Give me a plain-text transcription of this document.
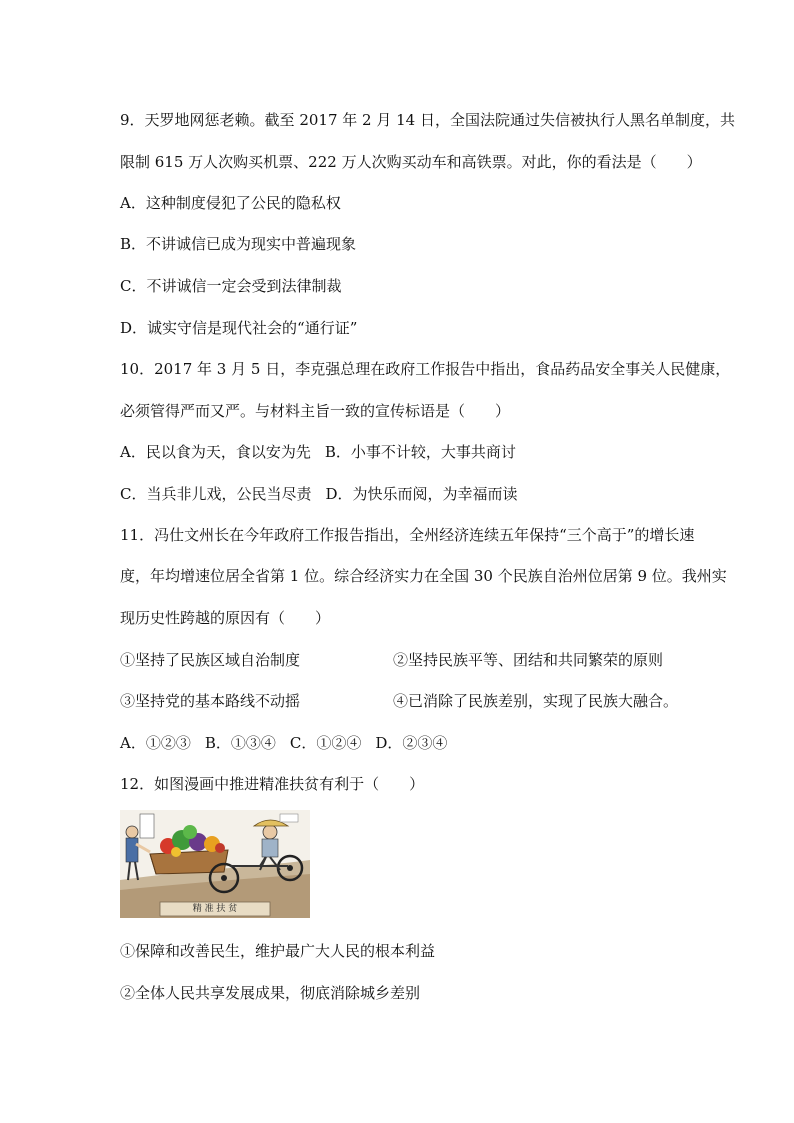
9．天罗地网惩老赖。截至 2017 年 2 月 14 日，全国法院通过失信被执行人黑名单制度，共
限制 615 万人次购买机票、222 万人次购买动车和高铁票。对此，你的看法是（　　）
A．这种制度侵犯了公民的隐私权
B．不讲诚信已成为现实中普遍现象
C．不讲诚信一定会受到法律制裁
D．诚实守信是现代社会的“通行证”
10．2017 年 3 月 5 日，李克强总理在政府工作报告中指出，食品药品安全事关人民健康，
必须管得严而又严。与材料主旨一致的宣传标语是（　　）
A．民以食为天，食以安为先 B．小事不计较，大事共商讨
C．当兵非儿戏，公民当尽责 D．为快乐而阅，为幸福而读
11．冯仕文州长在今年政府工作报告指出，全州经济连续五年保持“三个高于”的增长速
度，年均增速位居全省第 1 位。综合经济实力在全国 30 个民族自治州位居第 9 位。我州实
现历史性跨越的原因有（　　）
①坚持了民族区域自治制度	②坚持民族平等、团结和共同繁荣的原则
③坚持党的基本路线不动摇	④已消除了民族差别，实现了民族大融合。
A．①②③ B．①③④ C．①②④ D．②③④
12．如图漫画中推进精准扶贫有利于（　　）
精 准 扶 贫
①保障和改善民生，维护最广大人民的根本利益
②全体人民共享发展成果，彻底消除城乡差别
